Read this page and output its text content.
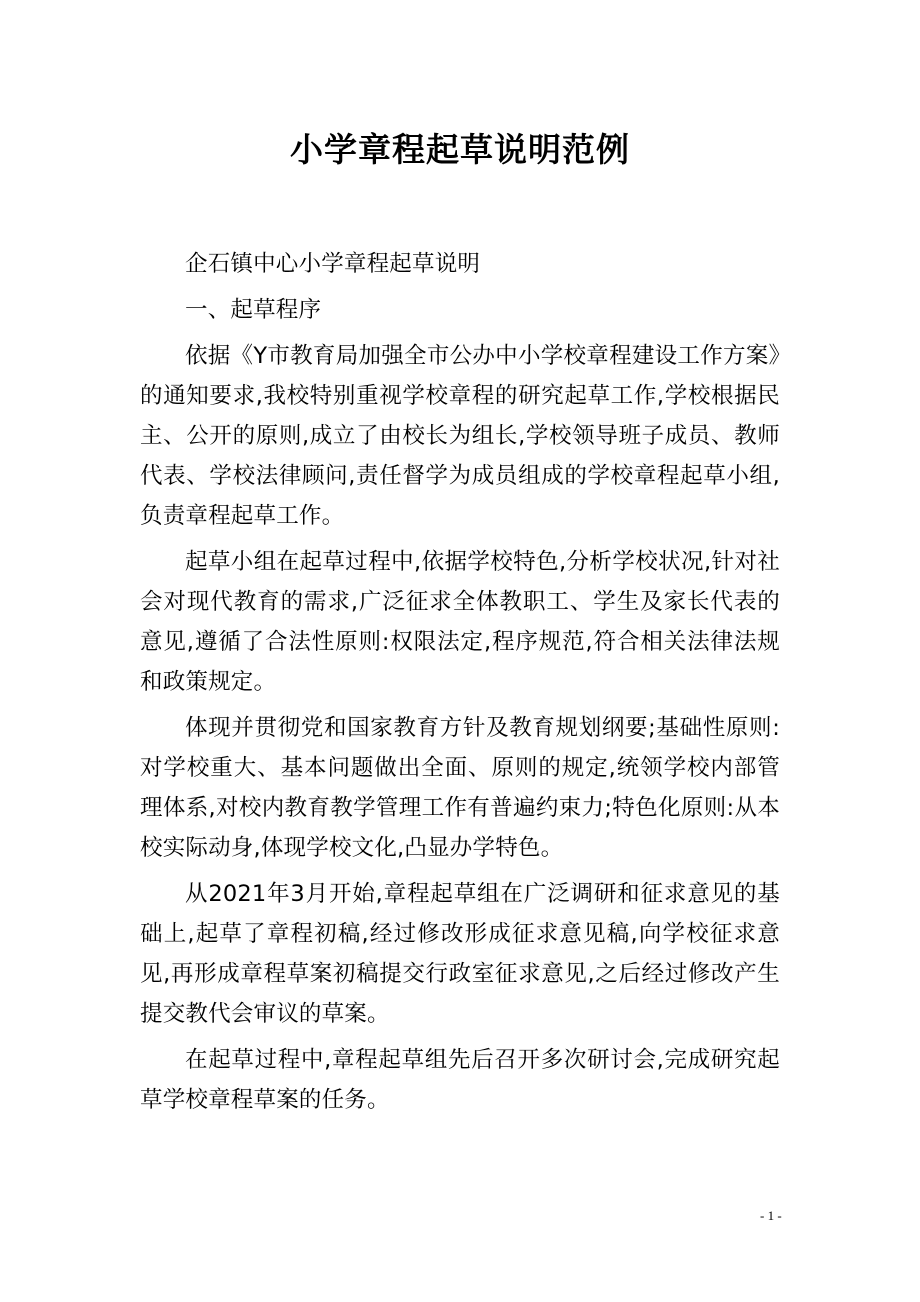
小学章程起草说明范例

企石镇中心小学章程起草说明

一、起草程序

依据《Y市教育局加强全市公办中小学校章程建设工作方案》的通知要求,我校特别重视学校章程的研究起草工作,学校根据民主、公开的原则,成立了由校长为组长,学校领导班子成员、教师代表、学校法律顾问,责任督学为成员组成的学校章程起草小组,负责章程起草工作。

起草小组在起草过程中,依据学校特色,分析学校状况,针对社会对现代教育的需求,广泛征求全体教职工、学生及家长代表的意见,遵循了合法性原则:权限法定,程序规范,符合相关法律法规和政策规定。

体现并贯彻党和国家教育方针及教育规划纲要;基础性原则:对学校重大、基本问题做出全面、原则的规定,统领学校内部管理体系,对校内教育教学管理工作有普遍约束力;特色化原则:从本校实际动身,体现学校文化,凸显办学特色。

从2021年3月开始,章程起草组在广泛调研和征求意见的基础上,起草了章程初稿,经过修改形成征求意见稿,向学校征求意见,再形成章程草案初稿提交行政室征求意见,之后经过修改产生提交教代会审议的草案。

在起草过程中,章程起草组先后召开多次研讨会,完成研究起草学校章程草案的任务。

- 1 -
